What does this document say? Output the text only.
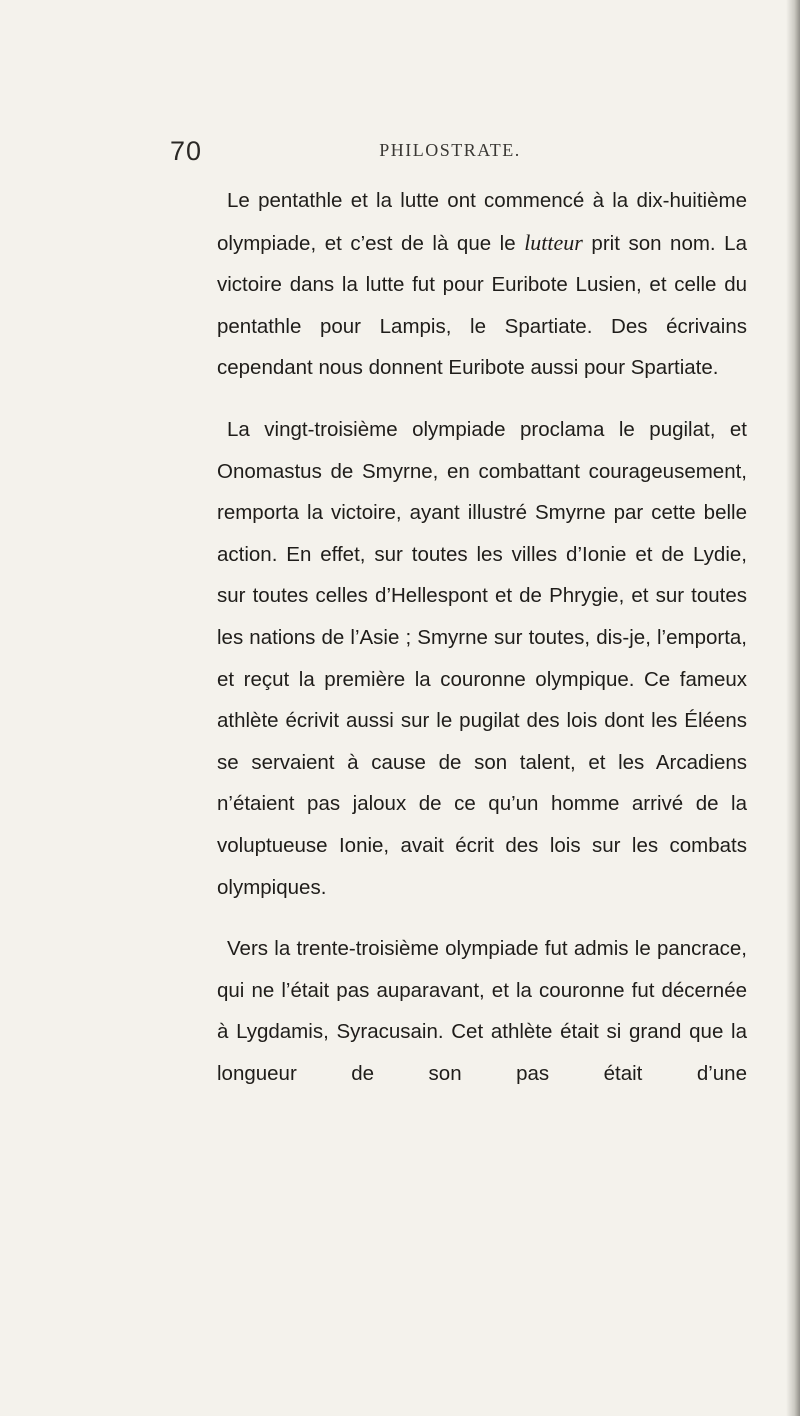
70	PHILOSTRATE.

Le pentathle et la lutte ont commencé à la dix-huitième olympiade, et c’est de là que le lutteur prit son nom. La victoire dans la lutte fut pour Euribote Lusien, et celle du pentathle pour Lampis, le Spartiate. Des écrivains cependant nous donnent Euribote aussi pour Spartiate.

La vingt-troisième olympiade proclama le pugilat, et Onomastus de Smyrne, en combattant courageusement, remporta la victoire, ayant illustré Smyrne par cette belle action. En effet, sur toutes les villes d’Ionie et de Lydie, sur toutes celles d’Hellespont et de Phrygie, et sur toutes les nations de l’Asie ; Smyrne sur toutes, dis-je, l’emporta, et reçut la première la couronne olympique. Ce fameux athlète écrivit aussi sur le pugilat des lois dont les Éléens se servaient à cause de son talent, et les Arcadiens n’étaient pas jaloux de ce qu’un homme arrivé de la voluptueuse Ionie, avait écrit des lois sur les combats olympiques.

Vers la trente-troisième olympiade fut admis le pancrace, qui ne l’était pas auparavant, et la couronne fut décernée à Lygdamis, Syracusain. Cet athlète était si grand que la longueur de son pas était d’une
